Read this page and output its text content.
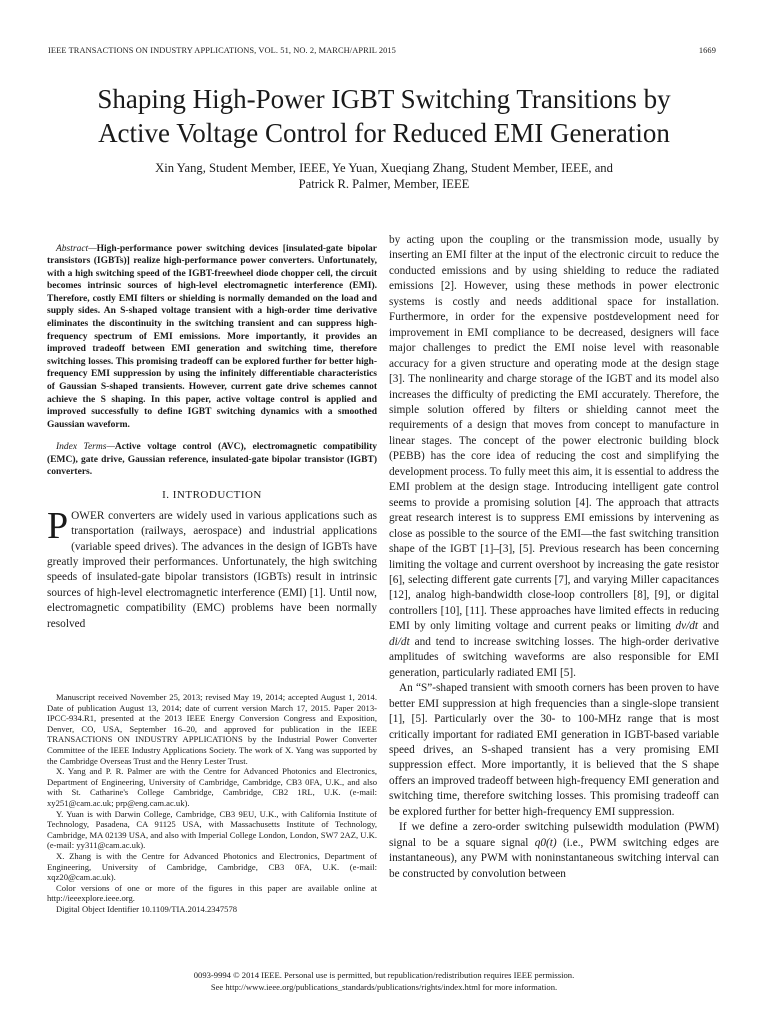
IEEE TRANSACTIONS ON INDUSTRY APPLICATIONS, VOL. 51, NO. 2, MARCH/APRIL 2015	1669
Shaping High-Power IGBT Switching Transitions by
Active Voltage Control for Reduced EMI Generation
Xin Yang, Student Member, IEEE, Ye Yuan, Xueqiang Zhang, Student Member, IEEE, and
Patrick R. Palmer, Member, IEEE

Abstract—High-performance power switching devices [insulated-gate bipolar transistors (IGBTs)] realize high-performance power converters. Unfortunately, with a high switching speed of the IGBT-freewheel diode chopper cell, the circuit becomes intrinsic sources of high-level electromagnetic interference (EMI). Therefore, costly EMI filters or shielding is normally demanded on the load and supply sides. An S-shaped voltage transient with a high-order time derivative eliminates the discontinuity in the switching transient and can suppress high-frequency spectrum of EMI emissions. More importantly, it provides an improved tradeoff between EMI generation and switching time, therefore switching losses. This promising tradeoff can be explored further for better high-frequency EMI suppression by using the infinitely differentiable characteristics of Gaussian S-shaped transients. However, current gate drive schemes cannot achieve the S shaping. In this paper, active voltage control is applied and improved successfully to define IGBT switching dynamics with a smoothed Gaussian waveform.

Index Terms—Active voltage control (AVC), electromagnetic compatibility (EMC), gate drive, Gaussian reference, insulated-gate bipolar transistor (IGBT) converters.

I. INTRODUCTION

POWER converters are widely used in various applications such as transportation (railways, aerospace) and industrial applications (variable speed drives). The advances in the design of IGBTs have greatly improved their performances. Unfortunately, the high switching speeds of insulated-gate bipolar transistors (IGBTs) result in intrinsic sources of high-level electromagnetic interference (EMI) [1]. Until now, electromagnetic compatibility (EMC) problems have been normally resolved

Manuscript received November 25, 2013; revised May 19, 2014; accepted August 1, 2014. Date of publication August 13, 2014; date of current version March 17, 2015. Paper 2013-IPCC-934.R1, presented at the 2013 IEEE Energy Conversion Congress and Exposition, Denver, CO, USA, September 16–20, and approved for publication in the IEEE TRANSACTIONS ON INDUSTRY APPLICATIONS by the Industrial Power Converter Committee of the IEEE Industry Applications Society. The work of X. Yang was supported by the Cambridge Overseas Trust and the Henry Lester Trust.

X. Yang and P. R. Palmer are with the Centre for Advanced Photonics and Electronics, Department of Engineering, University of Cambridge, Cambridge, CB3 0FA, U.K., and also with St. Catharine's College Cambridge, Cambridge, CB2 1RL, U.K. (e-mail: xy251@cam.ac.uk; prp@eng.cam.ac.uk).

Y. Yuan is with Darwin College, Cambridge, CB3 9EU, U.K., with California Institute of Technology, Pasadena, CA 91125 USA, with Massachusetts Institute of Technology, Cambridge, MA 02139 USA, and also with Imperial College London, London, SW7 2AZ, U.K. (e-mail: yy311@cam.ac.uk).

X. Zhang is with the Centre for Advanced Photonics and Electronics, Department of Engineering, University of Cambridge, Cambridge, CB3 0FA, U.K. (e-mail: xqz20@cam.ac.uk).

Color versions of one or more of the figures in this paper are available online at http://ieeexplore.ieee.org.

Digital Object Identifier 10.1109/TIA.2014.2347578

by acting upon the coupling or the transmission mode, usually by inserting an EMI filter at the input of the electronic circuit to reduce the conducted emissions and by using shielding to reduce the radiated emissions [2]. However, using these methods in power electronic systems is costly and needs additional space for installation. Furthermore, in order for the expensive postdevelopment need for improvement in EMI compliance to be decreased, designers will face major challenges to predict the EMI noise level with reasonable accuracy for a given structure and operating mode at the design stage [3]. The nonlinearity and charge storage of the IGBT and its model also increases the difficulty of predicting the EMI accurately. Therefore, the simple solution offered by filters or shielding cannot meet the requirements of a design that moves from concept to manufacture in linear stages. The concept of the power electronic building block (PEBB) has the core idea of reducing the cost and simplifying the development process. To fully meet this aim, it is essential to address the EMI problem at the design stage. Introducing intelligent gate control seems to provide a promising solution [4]. The approach that attracts great research interest is to suppress EMI emissions by intervening as close as possible to the source of the EMI—the fast switching transition shape of the IGBT [1]–[3], [5]. Previous research has been concerning limiting the voltage and current overshoot by increasing the gate resistor [6], selecting different gate currents [7], and varying Miller capacitances [12], analog high-bandwidth close-loop controllers [8], [9], or digital controllers [10], [11]. These approaches have limited effects in reducing EMI by only limiting voltage and current peaks or limiting dv/dt and di/dt and tend to increase switching losses. The high-order derivative amplitudes of switching waveforms are also responsible for EMI generation, particularly radiated EMI [5].

An “S”-shaped transient with smooth corners has been proven to have better EMI suppression at high frequencies than a single-slope transient [1], [5]. Particularly over the 30- to 100-MHz range that is most critically important for radiated EMI generation in IGBT-based variable speed drives, an S-shaped transient has a very promising EMI suppression effect. More importantly, it is believed that the S shape offers an improved tradeoff between high-frequency EMI generation and switching time, therefore switching losses. This promising tradeoff can be explored further for better high-frequency EMI suppression.

If we define a zero-order switching pulsewidth modulation (PWM) signal to be a square signal q0(t) (i.e., PWM switching edges are instantaneous), any PWM with noninstantaneous switching interval can be constructed by convolution between

0093-9994 © 2014 IEEE. Personal use is permitted, but republication/redistribution requires IEEE permission.
See http://www.ieee.org/publications_standards/publications/rights/index.html for more information.
